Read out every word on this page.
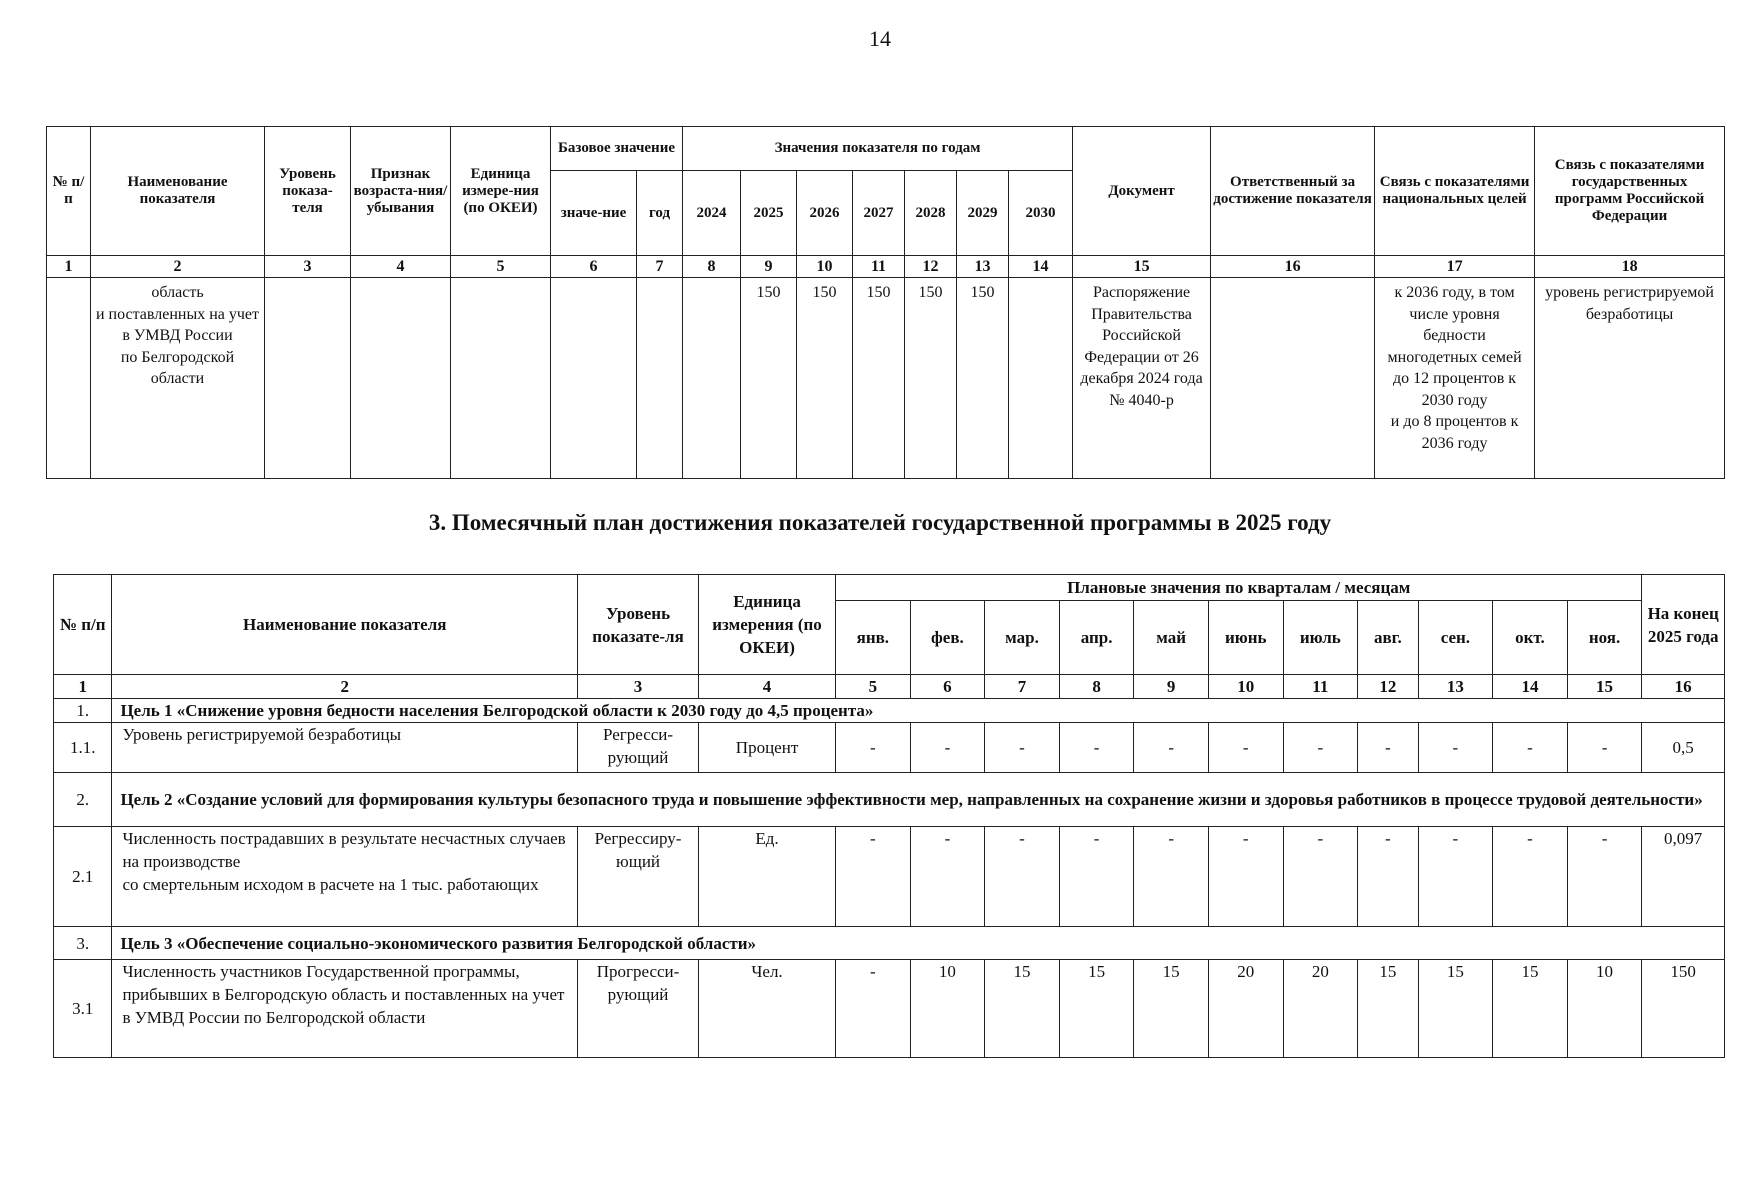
14
№ п/п	Наименование показателя	Уровень показа-теля	Признак возраста-ния/ убывания	Единица измере-ния (по ОКЕИ)	Базовое значение		Значения показателя по годам							Документ	Ответственный за достижение показателя	Связь с показателями национальных целей	Связь с показателями государственных программ Российской Федерации
					значе-ние	год	2024	2025	2026	2027	2028	2029	2030				
1	2	3	4	5	6	7	8	9	10	11	12	13	14	15	16	17	18
	область
и поставленных на учет в УМВД России
по Белгородской области							150	150	150	150	150		Распоряжение Правительства Российской Федерации от 26 декабря 2024 года № 4040-р		к 2036 году, в том числе уровня бедности многодетных семей
до 12 процентов к 2030 году
и до 8 процентов к 2036 году	уровень регистрируемой безработицы
3. Помесячный план достижения показателей государственной программы в 2025 году
№ п/п	Наименование показателя	Уровень показате-ля	Единица измерения (по ОКЕИ)	Плановые значения по кварталам / месяцам											На конец 2025 года
				янв.	фев.	мар.	апр.	май	июнь	июль	авг.	сен.	окт.	ноя.	
1	2	3	4	5	6	7	8	9	10	11	12	13	14	15	16
1.	Цель 1 «Снижение уровня бедности населения Белгородской области к 2030 году до 4,5 процента»														
1.1.	Уровень регистрируемой безработицы	Регресси-рующий	Процент	-	-	-	-	-	-	-	-	-	-	-	0,5
2.	Цель 2 «Создание условий для формирования культуры безопасного труда и повышение эффективности мер, направленных на сохранение жизни и здоровья работников в процессе трудовой деятельности»														
2.1	Численность пострадавших в результате несчастных случаев на производстве
со смертельным исходом в расчете на 1 тыс. работающих	Регрессиру-ющий	Ед.	-	-	-	-	-	-	-	-	-	-	-	0,097
3.	Цель 3 «Обеспечение социально-экономического развития Белгородской области»														
3.1	Численность участников Государственной программы, прибывших в Белгородскую область и поставленных на учет в УМВД России по Белгородской области	Прогресси-рующий	Чел.	-	10	15	15	15	20	20	15	15	15	10	150
